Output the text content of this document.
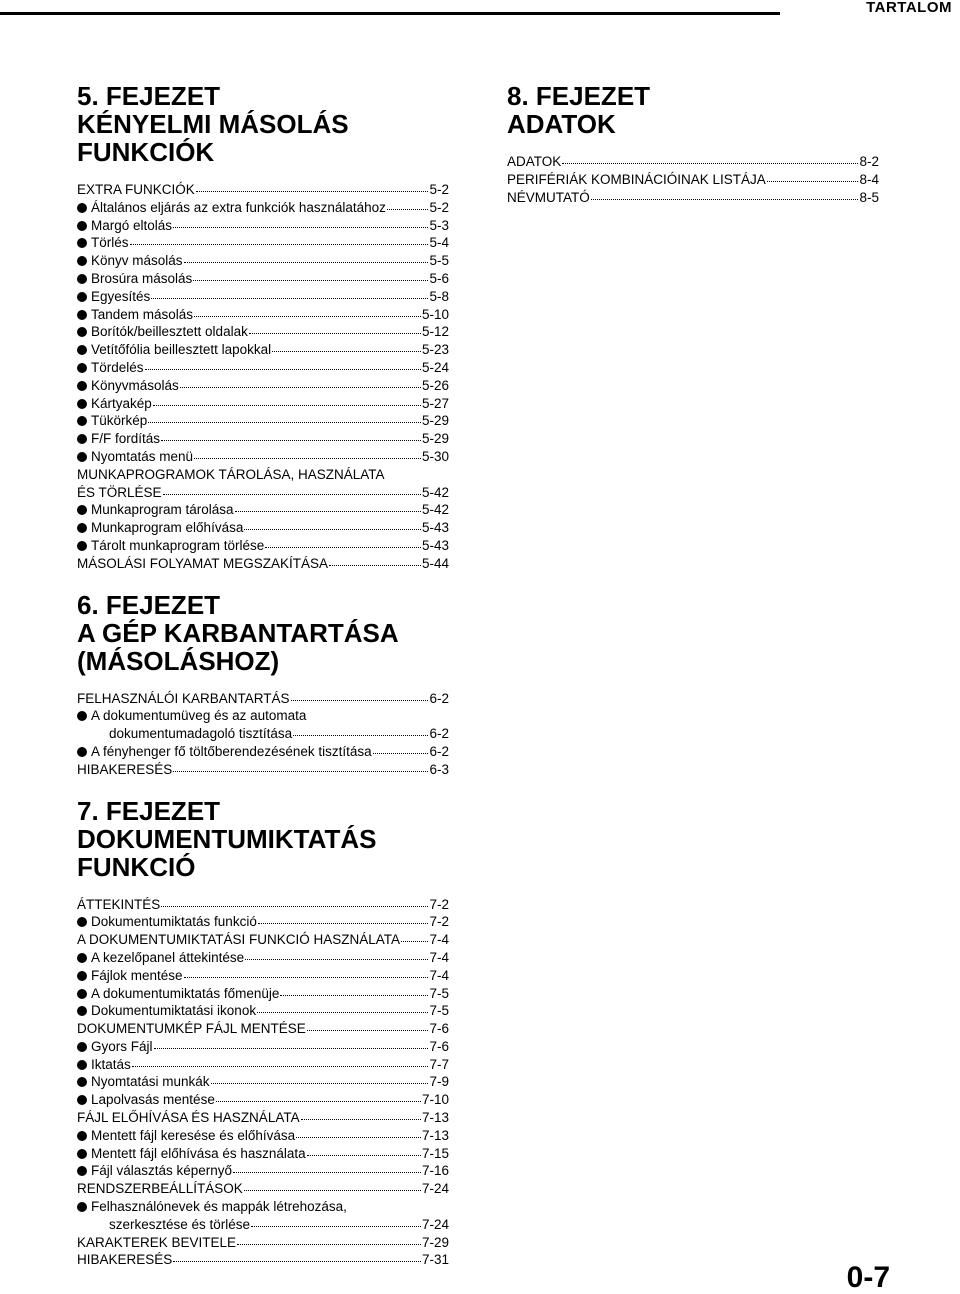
TARTALOM
5. FEJEZET
KÉNYELMI MÁSOLÁS FUNKCIÓK
EXTRA FUNKCIÓK	5-2
Általános eljárás az extra funkciók használatához	5-2
Margó eltolás	5-3
Törlés	5-4
Könyv másolás	5-5
Brosúra másolás	5-6
Egyesítés	5-8
Tandem másolás	5-10
Borítók/beillesztett oldalak	5-12
Vetítőfólia beillesztett lapokkal	5-23
Tördelés	5-24
Könyvmásolás	5-26
Kártyakép	5-27
Tükörkép	5-29
F/F fordítás	5-29
Nyomtatás menü	5-30
MUNKAPROGRAMOK TÁROLÁSA, HASZNÁLATA
ÉS TÖRLÉSE	5-42
Munkaprogram tárolása	5-42
Munkaprogram előhívása	5-43
Tárolt munkaprogram törlése	5-43
MÁSOLÁSI FOLYAMAT MEGSZAKÍTÁSA	5-44
6. FEJEZET
A GÉP KARBANTARTÁSA
(MÁSOLÁSHOZ)
FELHASZNÁLÓI KARBANTARTÁS	6-2
A dokumentumüveg és az automata
dokumentumadagoló tisztítása	6-2
A fényhenger fő töltőberendezésének tisztítása	6-2
HIBAKERESÉS	6-3
7. FEJEZET
DOKUMENTUMIKTATÁS
FUNKCIÓ
ÁTTEKINTÉS	7-2
Dokumentumiktatás funkció	7-2
A DOKUMENTUMIKTATÁSI FUNKCIÓ HASZNÁLATA 7-4
A kezelőpanel áttekintése	7-4
Fájlok mentése	7-4
A dokumentumiktatás főmenüje	7-5
Dokumentumiktatási ikonok	7-5
DOKUMENTUMKÉP FÁJL MENTÉSE	7-6
Gyors Fájl	7-6
Iktatás	7-7
Nyomtatási munkák	7-9
Lapolvasás mentése	7-10
FÁJL ELŐHÍVÁSA ÉS HASZNÁLATA	7-13
Mentett fájl keresése és előhívása	7-13
Mentett fájl előhívása és használata	7-15
Fájl választás képernyő	7-16
RENDSZERBEÁLLÍTÁSOK	7-24
Felhasználónevek és mappák létrehozása,
szerkesztése és törlése	7-24
KARAKTEREK BEVITELE	7-29
HIBAKERESÉS	7-31
8. FEJEZET
ADATOK
ADATOK	8-2
PERIFÉRIÁK KOMBINÁCIÓINAK LISTÁJA	8-4
NÉVMUTATÓ	8-5
0-7
